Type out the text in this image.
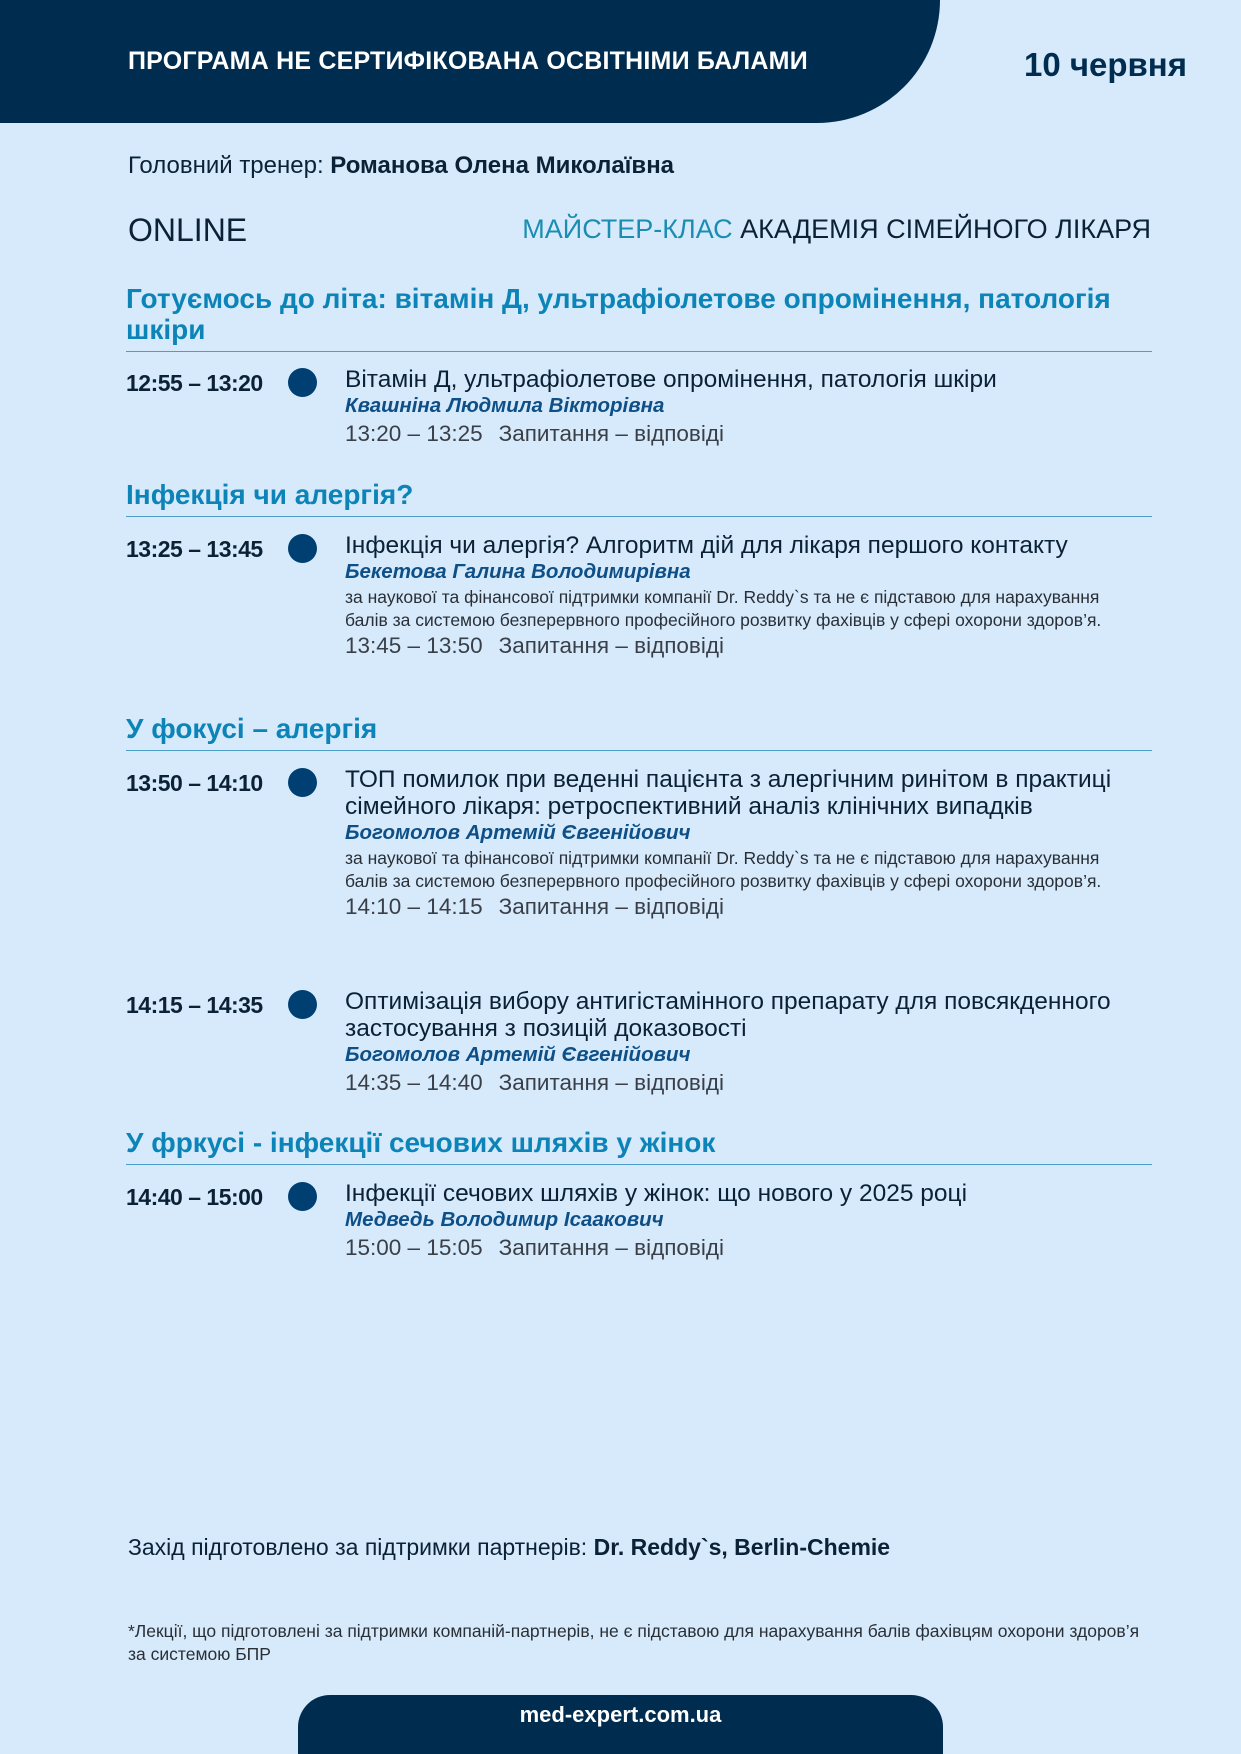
ПРОГРАМА НЕ СЕРТИФІКОВАНА ОСВІТНІМИ БАЛАМИ	10 червня
Головний тренер: Романова Олена Миколаївна
ONLINE	МАЙСТЕР-КЛАС АКАДЕМІЯ СІМЕЙНОГО ЛІКАРЯ
Готуємось до літа: вітамін Д, ультрафіолетове опромінення, патологія шкіри
12:55 – 13:20	Вітамін Д, ультрафіолетове опромінення, патологія шкіри
Квашніна Людмила Вікторівна
13:20 – 13:25 Запитання – відповіді
Інфекція чи алергія?
13:25 – 13:45	Інфекція чи алергія? Алгоритм дій для лікаря першого контакту
Бекетова Галина Володимирівна
за наукової та фінансової підтримки компанії Dr. Reddy`s та не є підставою для нарахування балів за системою безперервного професійного розвитку фахівців у сфері охорони здоров’я.
13:45 – 13:50 Запитання – відповіді
У фокусі – алергія
13:50 – 14:10	ТОП помилок при веденні пацієнта з алергічним ринітом в практиці сімейного лікаря: ретроспективний аналіз клінічних випадків
Богомолов Артемій Євгенійович
за наукової та фінансової підтримки компанії Dr. Reddy`s та не є підставою для нарахування балів за системою безперервного професійного розвитку фахівців у сфері охорони здоров’я.
14:10 – 14:15 Запитання – відповіді
14:15 – 14:35	Оптимізація вибору антигістамінного препарату для повсякденного застосування з позицій доказовості
Богомолов Артемій Євгенійович
14:35 – 14:40 Запитання – відповіді
У фркусі - інфекції сечових шляхів у жінок
14:40 – 15:00	Інфекції сечових шляхів у жінок: що нового у 2025 році
Медведь Володимир Ісаакович
15:00 – 15:05 Запитання – відповіді
Захід підготовлено за підтримки партнерів: Dr. Reddy`s, Berlin-Chemie
*Лекції, що підготовлені за підтримки компаній-партнерів, не є підставою для нарахування балів фахівцям охорони здоров’я за системою БПР
med-expert.com.ua
